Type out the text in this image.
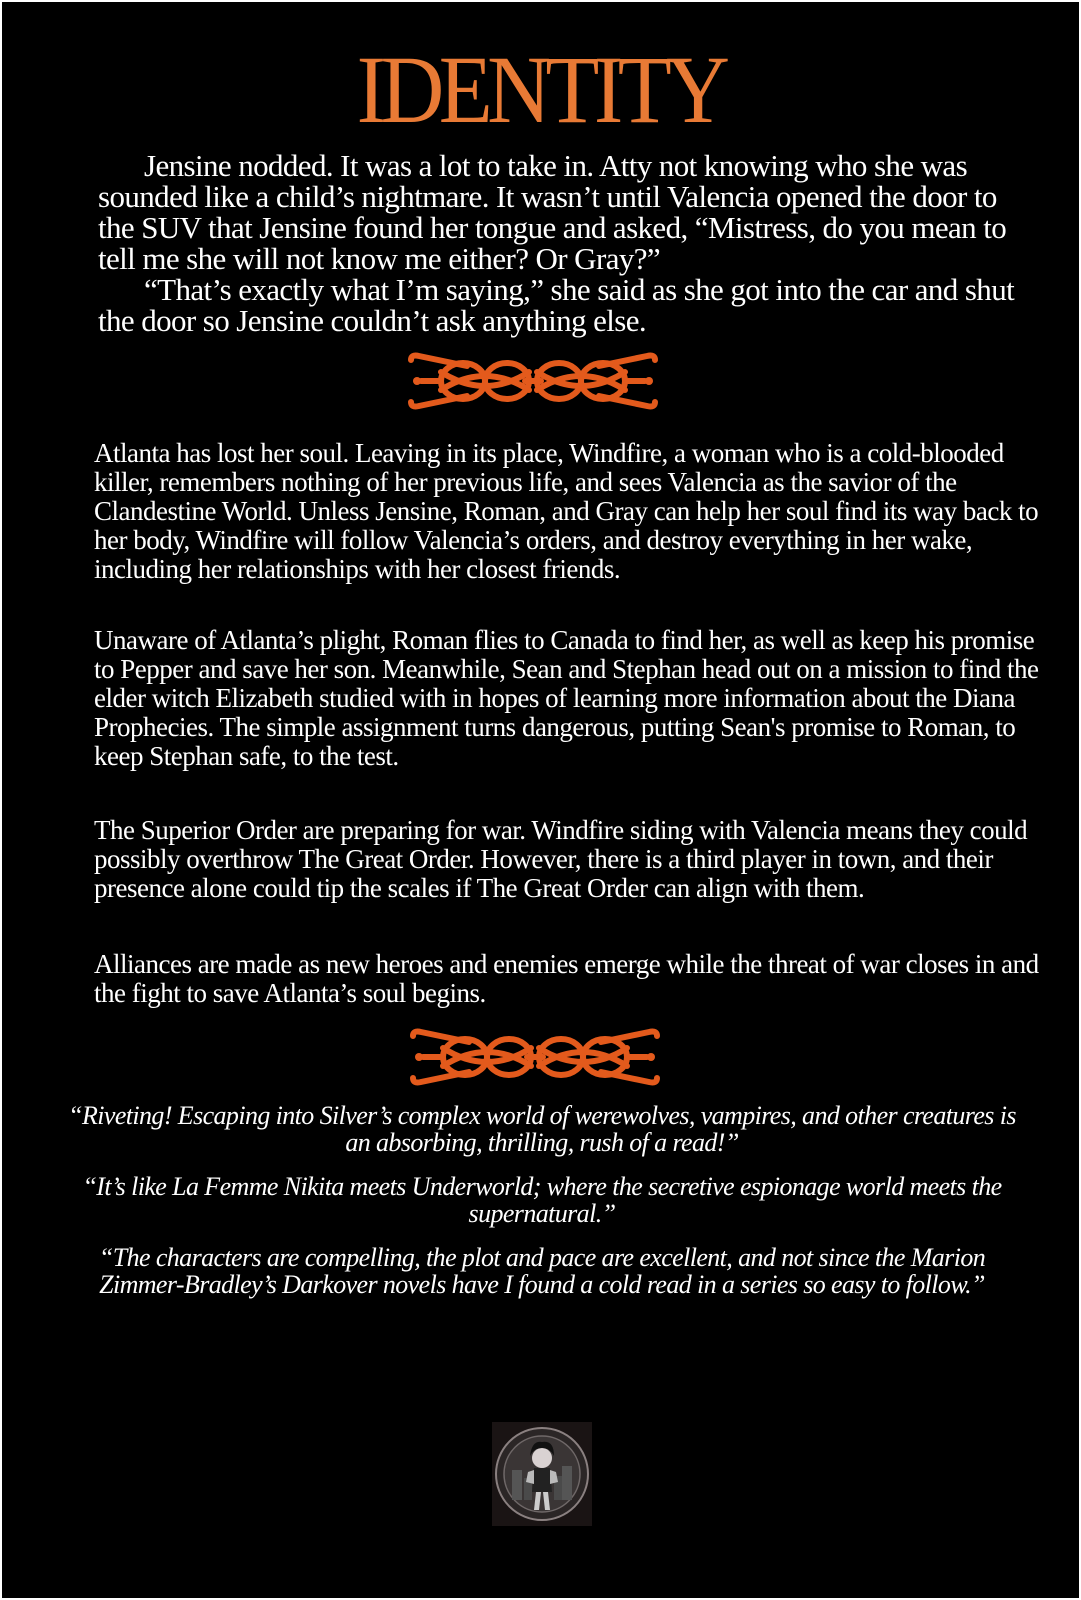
IDENTITY

Jensine nodded. It was a lot to take in. Atty not knowing who she was sounded like a child’s nightmare. It wasn’t until Valencia opened the door to the SUV that Jensine found her tongue and asked, “Mistress, do you mean to tell me she will not know me either? Or Gray?”

“That’s exactly what I’m saying,” she said as she got into the car and shut the door so Jensine couldn’t ask anything else.

Atlanta has lost her soul. Leaving in its place, Windfire, a woman who is a cold-blooded killer, remembers nothing of her previous life, and sees Valencia as the savior of the Clandestine World. Unless Jensine, Roman, and Gray can help her soul find its way back to her body, Windfire will follow Valencia’s orders, and destroy everything in her wake, including her relationships with her closest friends.

Unaware of Atlanta’s plight, Roman flies to Canada to find her, as well as keep his promise to Pepper and save her son. Meanwhile, Sean and Stephan head out on a mission to find the elder witch Elizabeth studied with in hopes of learning more information about the Diana Prophecies. The simple assignment turns dangerous, putting Sean's promise to Roman, to keep Stephan safe, to the test.

The Superior Order are preparing for war. Windfire siding with Valencia means they could possibly overthrow The Great Order. However, there is a third player in town, and their presence alone could tip the scales if The Great Order can align with them.

Alliances are made as new heroes and enemies emerge while the threat of war closes in and the fight to save Atlanta’s soul begins.

“Riveting! Escaping into Silver’s complex world of werewolves, vampires, and other creatures is an absorbing, thrilling, rush of a read!”

“It’s like La Femme Nikita meets Underworld; where the secretive espionage world meets the supernatural.”

“The characters are compelling, the plot and pace are excellent, and not since the Marion Zimmer-Bradley’s Darkover novels have I found a cold read in a series so easy to follow.”
